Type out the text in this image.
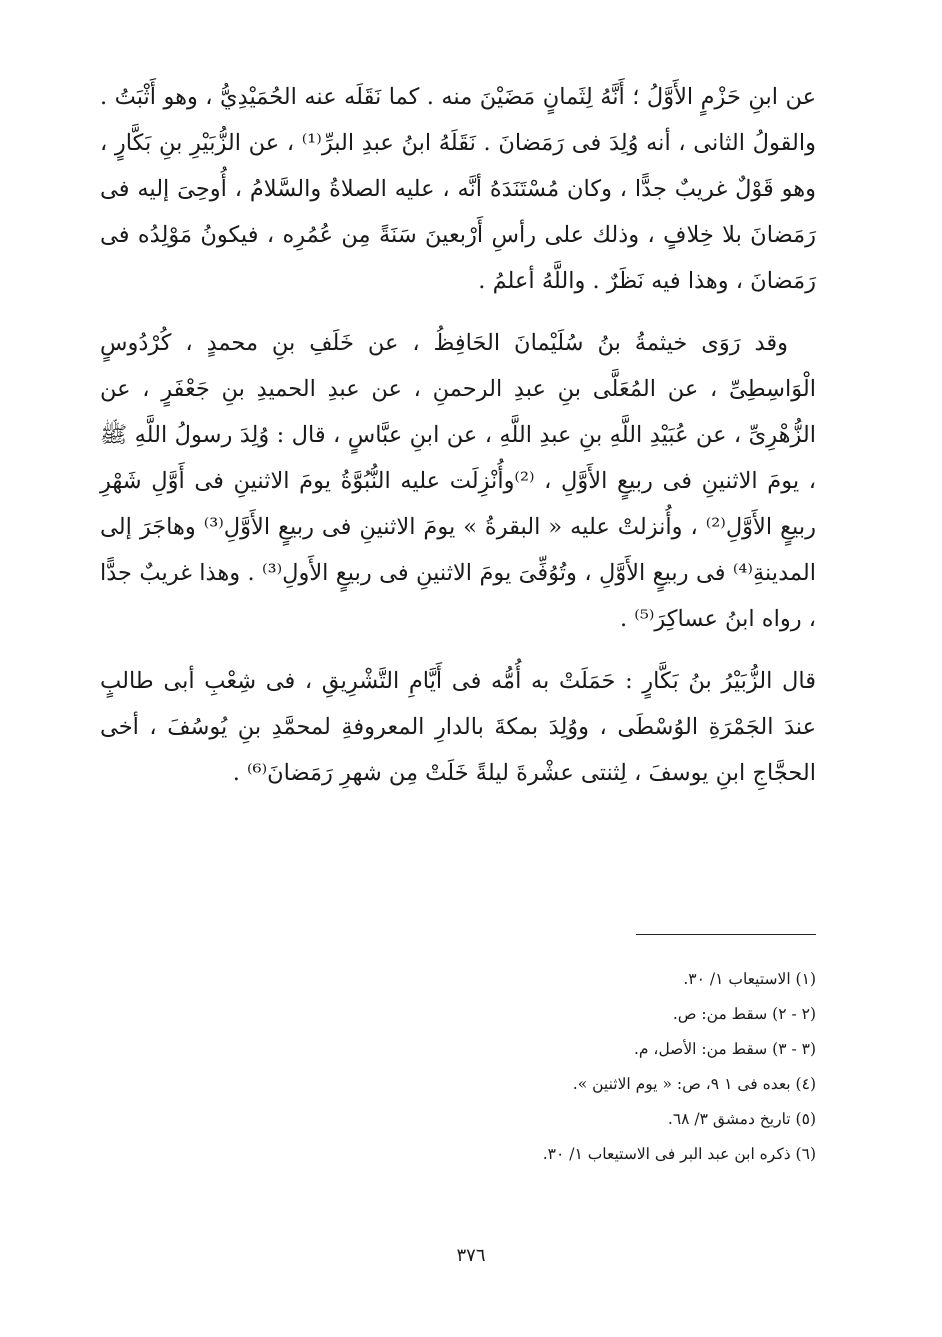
عن ابنِ حَزْمٍ الأَوَّلُ ؛ أَنَّهُ لِثَمانٍ مَضَيْنَ منه . كما نَقَلَه عنه الحُمَيْدِيُّ ، وهو أَثْبَتُ . والقولُ الثانى ، أنه وُلِدَ فى رَمَضانَ . نَقَلَهُ ابنُ عبدِ البرِّ⁽¹⁾ ، عن الزُّبَيْرِ بنِ بَكَّارٍ ، وهو قَوْلٌ غريبٌ جدًّا ، وكان مُسْتَنَدَهُ أنَّه ، عليه الصلاةُ والسَّلامُ ، أُوحِىَ إليه فى رَمَضانَ بلا خِلافٍ ، وذلك على رأسِ أَرْبعينَ سَنَةً مِن عُمُرِه ، فيكونُ مَوْلِدُه فى رَمَضانَ ، وهذا فيه نَظَرٌ . واللَّهُ أعلمُ .

وقد رَوَى خيثمةُ بنُ سُلَيْمانَ الحَافِظُ ، عن خَلَفِ بنِ محمدٍ ، كُرْدُوسٍ الْوَاسِطِىِّ ، عن المُعَلَّى بنِ عبدِ الرحمنِ ، عن عبدِ الحميدِ بنِ جَعْفَرٍ ، عن الزُّهْرِىِّ ، عن عُبَيْدِ اللَّهِ بنِ عبدِ اللَّهِ ، عن ابنِ عبَّاسٍ ، قال : وُلِدَ رسولُ اللَّهِ ﷺ ، يومَ الاثنينِ فى ربيعٍ الأَوَّلِ ، ⁽²⁾وأُنْزِلَت عليه النُّبُوَّةُ يومَ الاثنينِ فى أَوَّلِ شَهْرِ ربيعٍ الأَوَّلِ⁽²⁾ ، وأُنزلتْ عليه « البقرةُ » يومَ الاثنينِ فى ربيعٍ الأَوَّلِ⁽³⁾ وهاجَرَ إلى المدينةِ⁽⁴⁾ فى ربيعٍ الأَوَّلِ ، وتُوُفِّىَ يومَ الاثنينِ فى ربيعٍ الأَولِ⁽³⁾ . وهذا غريبٌ جدًّا ، رواه ابنُ عساكِرَ⁽⁵⁾ .

قال الزُّبَيْرُ بنُ بَكَّارٍ : حَمَلَتْ به أُمُّه فى أَيَّامِ التَّشْرِيقِ ، فى شِعْبِ أبى طالبٍ عندَ الجَمْرَةِ الوُسْطَى ، ووُلِدَ بمكةَ بالدارِ المعروفةِ لمحمَّدِ بنِ يُوسُفَ ، أخى الحجَّاجِ ابنِ يوسفَ ، لِثنتى عشْرةَ ليلةً خَلَتْ مِن شهرِ رَمَضانَ⁽⁶⁾ .

(١) الاستيعاب ١/ ٣٠.

(٢ - ٢) سقط من: ص.

(٣ - ٣) سقط من: الأصل، م.

(٤) بعده فى ١ ٩، ص: « يوم الاثنين ».

(٥) تاريخ دمشق ٣/ ٦٨.

(٦) ذكره ابن عبد البر فى الاستيعاب ١/ ٣٠.

٣٧٦
